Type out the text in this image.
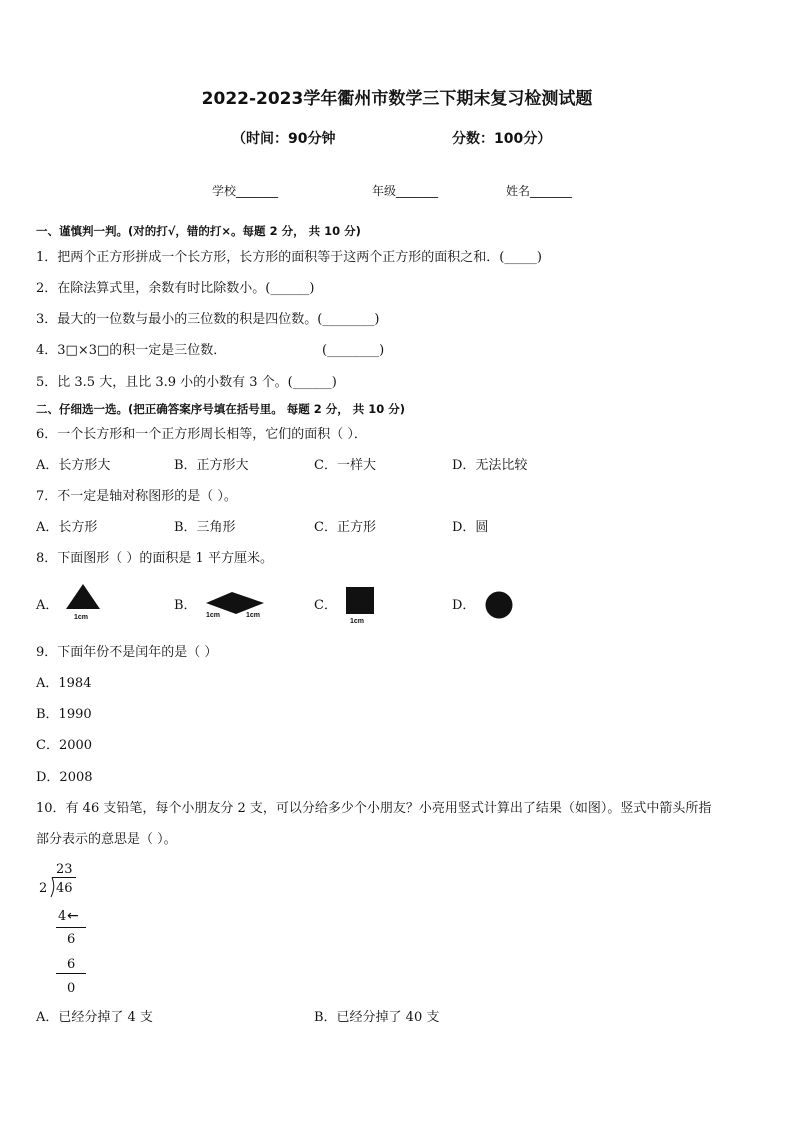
2022-2023学年衢州市数学三下期末复习检测试题
（时间：90分钟	分数：100分）
学校_______	年级_______	姓名_______
一、谨慎判一判。(对的打√，错的打×。每题 2 分， 共 10 分)
1．把两个正方形拼成一个长方形，长方形的面积等于这两个正方形的面积之和．(_____)
2．在除法算式里，余数有时比除数小。(______)
3．最大的一位数与最小的三位数的积是四位数。(________)
4．3□×3□的积一定是三位数．	(________)
5．比 3.5 大，且比 3.9 小的小数有 3 个。(______)
二、仔细选一选。(把正确答案序号填在括号里。 每题 2 分， 共 10 分)
6．一个长方形和一个正方形周长相等，它们的面积（ ）．
A．长方形大	B．正方形大	C．一样大	D．无法比较
7．不一定是轴对称图形的是（ ）。
A．长方形	B．三角形	C．正方形	D．圆
8．下面图形（ ）的面积是 1 平方厘米。
A．	B．	C．	D．
1cm	1cm	1cm
1cm
9．下面年份不是闰年的是（ ）
A．1984
B．1990
C．2000
D．2008
10．有 46 支铅笔，每个小朋友分 2 支，可以分给多少个小朋友？小亮用竖式计算出了结果（如图）。竖式中箭头所指
部分表示的意思是（ ）。
23
2 46
4 ←
6
6
0
A．已经分掉了 4 支	B．已经分掉了 40 支
